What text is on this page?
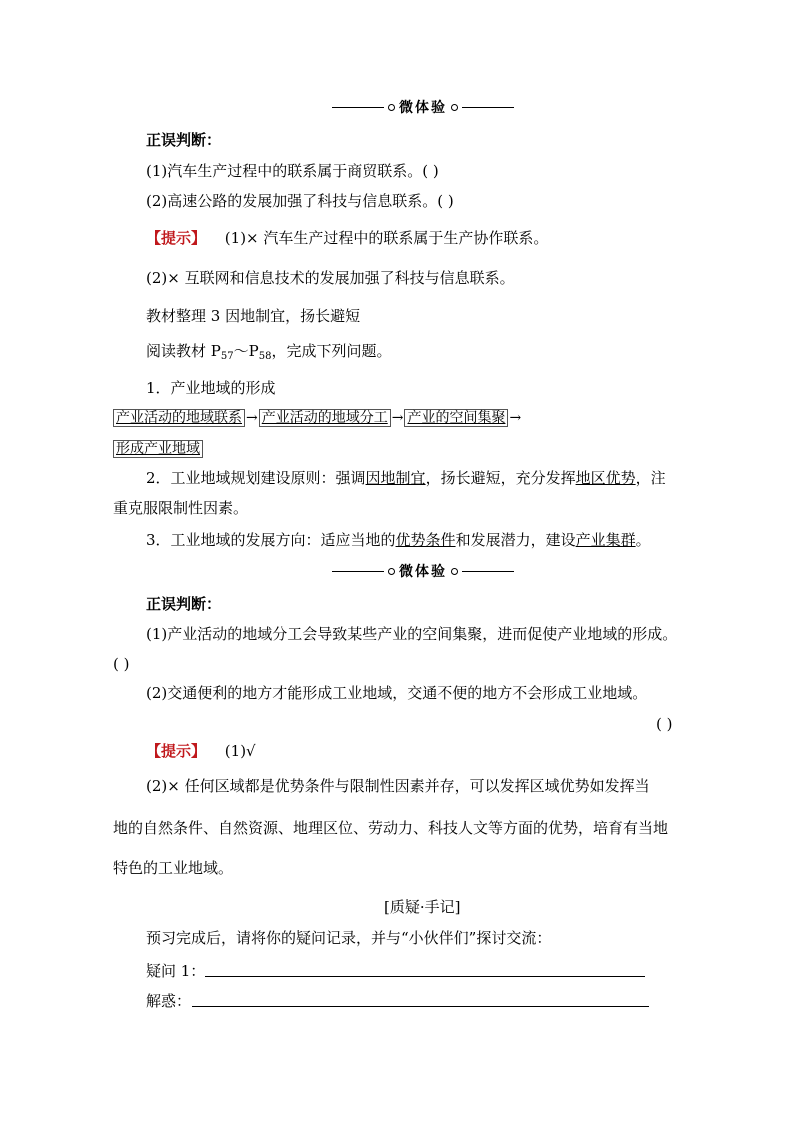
微体验
正误判断：
(1)汽车生产过程中的联系属于商贸联系。( )
(2)高速公路的发展加强了科技与信息联系。( )
【提示】 (1)× 汽车生产过程中的联系属于生产协作联系。
(2)× 互联网和信息技术的发展加强了科技与信息联系。
教材整理 3 因地制宜，扬长避短
阅读教材 $P_{57}\sim P_{58}$，完成下列问题。
1．产业地域的形成
产业活动的地域联系 → 产业活动的地域分工 → 产业的空间集聚 →
形成产业地域
2．工业地域规划建设原则：强调因地制宜，扬长避短，充分发挥地区优势，注
重克服限制性因素。
3．工业地域的发展方向：适应当地的优势条件和发展潜力，建设产业集群。
微体验
正误判断：
(1)产业活动的地域分工会导致某些产业的空间集聚，进而促使产业地域的形成。
( )
(2)交通便利的地方才能形成工业地域，交通不便的地方不会形成工业地域。
( )
【提示】 (1)√
(2)× 任何区域都是优势条件与限制性因素并存，可以发挥区域优势如发挥当
地的自然条件、自然资源、地理区位、劳动力、科技人文等方面的优势，培育有当地
特色的工业地域。
[质疑·手记]
预习完成后，请将你的疑问记录，并与“小伙伴们”探讨交流：
疑问 1：
解惑：
